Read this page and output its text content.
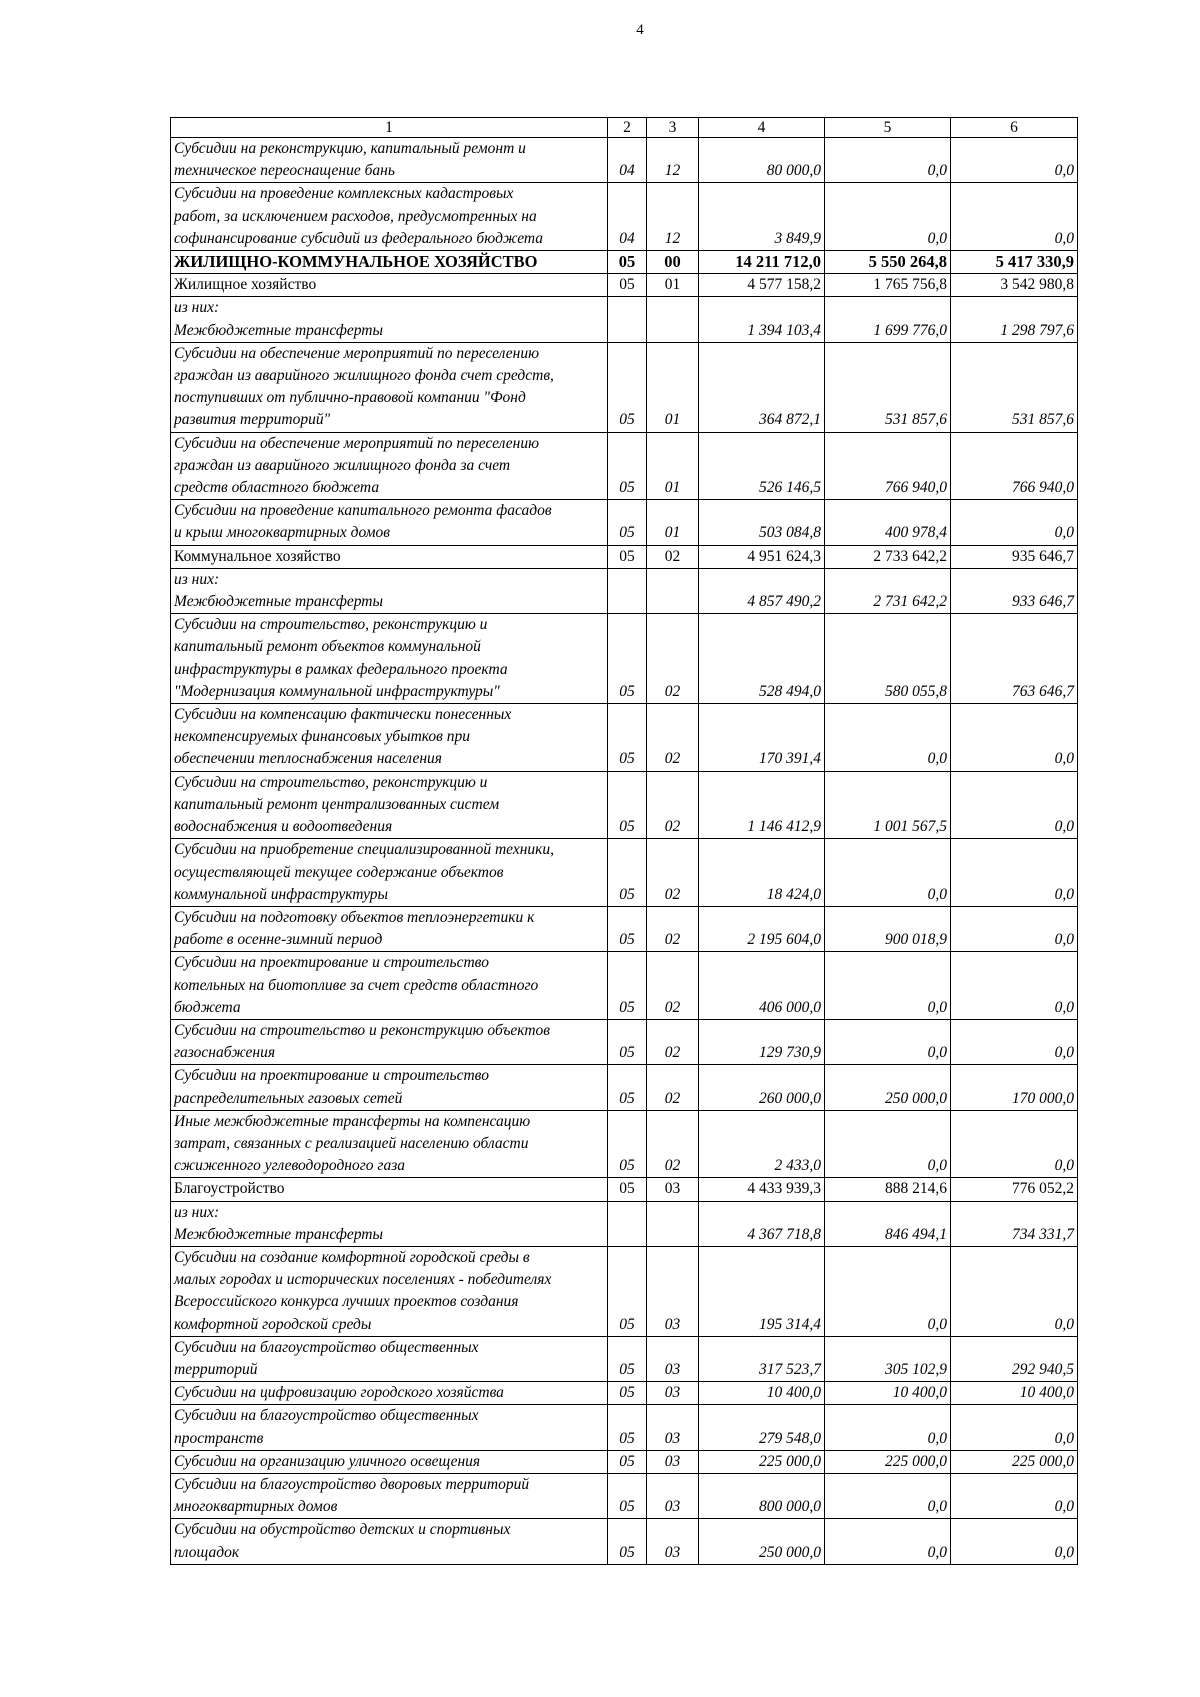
4
1	2	3	4	5	6

Субсидии на реконструкцию, капитальный ремонт и
техническое переоснащение бань	04	12	80 000,0	0,0	0,0

Субсидии на проведение комплексных кадастровых
работ, за исключением расходов, предусмотренных на
софинансирование субсидий из федерального бюджета	04	12	3 849,9	0,0	0,0

ЖИЛИЩНО-КОММУНАЛЬНОЕ ХОЗЯЙСТВО	05	00	14 211 712,0	5 550 264,8	5 417 330,9

Жилищное хозяйство	05	01	4 577 158,2	1 765 756,8	3 542 980,8

из них:
Межбюджетные трансферты			1 394 103,4	1 699 776,0	1 298 797,6

Субсидии на обеспечение мероприятий по переселению
граждан из аварийного жилищного фонда счет средств,
поступивших от публично-правовой компании "Фонд
развития территорий"	05	01	364 872,1	531 857,6	531 857,6

Субсидии на обеспечение мероприятий по переселению
граждан из аварийного жилищного фонда за счет
средств областного бюджета	05	01	526 146,5	766 940,0	766 940,0

Субсидии на проведение капитального ремонта фасадов
и крыш многоквартирных домов	05	01	503 084,8	400 978,4	0,0

Коммунальное хозяйство	05	02	4 951 624,3	2 733 642,2	935 646,7

из них:
Межбюджетные трансферты			4 857 490,2	2 731 642,2	933 646,7

Субсидии на строительство, реконструкцию и
капитальный ремонт объектов коммунальной
инфраструктуры в рамках федерального проекта
"Модернизация коммунальной инфраструктуры"	05	02	528 494,0	580 055,8	763 646,7

Субсидии на компенсацию фактически понесенных
некомпенсируемых финансовых убытков при
обеспечении теплоснабжения населения	05	02	170 391,4	0,0	0,0

Субсидии на строительство, реконструкцию и
капитальный ремонт централизованных систем
водоснабжения и водоотведения	05	02	1 146 412,9	1 001 567,5	0,0

Субсидии на приобретение специализированной техники,
осуществляющей текущее содержание объектов
коммунальной инфраструктуры	05	02	18 424,0	0,0	0,0

Субсидии на подготовку объектов теплоэнергетики к
работе в осенне-зимний период	05	02	2 195 604,0	900 018,9	0,0

Субсидии на проектирование и строительство
котельных на биотопливе за счет средств областного
бюджета	05	02	406 000,0	0,0	0,0

Субсидии на строительство и реконструкцию объектов
газоснабжения	05	02	129 730,9	0,0	0,0

Субсидии на проектирование и строительство
распределительных газовых сетей	05	02	260 000,0	250 000,0	170 000,0

Иные межбюджетные трансферты на компенсацию
затрат, связанных с реализацией населению области
сжиженного углеводородного газа	05	02	2 433,0	0,0	0,0

Благоустройство	05	03	4 433 939,3	888 214,6	776 052,2

из них:
Межбюджетные трансферты			4 367 718,8	846 494,1	734 331,7

Субсидии на создание комфортной городской среды в
малых городах и исторических поселениях - победителях
Всероссийского конкурса лучших проектов создания
комфортной городской среды	05	03	195 314,4	0,0	0,0

Субсидии на благоустройство общественных
территорий	05	03	317 523,7	305 102,9	292 940,5

Субсидии на цифровизацию городского хозяйства	05	03	10 400,0	10 400,0	10 400,0

Субсидии на благоустройство общественных
пространств	05	03	279 548,0	0,0	0,0

Субсидии на организацию уличного освещения	05	03	225 000,0	225 000,0	225 000,0

Субсидии на благоустройство дворовых территорий
многоквартирных домов	05	03	800 000,0	0,0	0,0

Субсидии на обустройство детских и спортивных
площадок	05	03	250 000,0	0,0	0,0
